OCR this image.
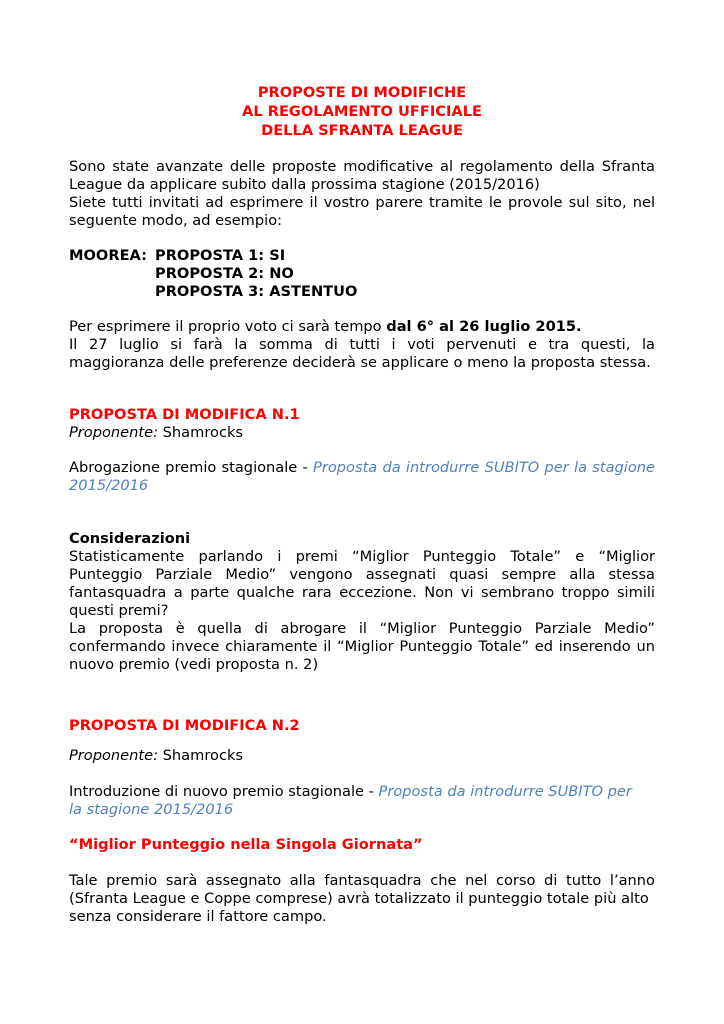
PROPOSTE DI MODIFICHE
AL REGOLAMENTO UFFICIALE
DELLA SFRANTA LEAGUE
Sono state avanzate delle proposte modificative al regolamento della Sfranta
League da applicare subito dalla prossima stagione (2015/2016)
Siete tutti invitati ad esprimere il vostro parere tramite le provole sul sito, nel
seguente modo, ad esempio:
MOOREA: PROPOSTA 1: SI
PROPOSTA 2: NO
PROPOSTA 3: ASTENTUO
Per esprimere il proprio voto ci sarà tempo dal 6° al 26 luglio 2015.
Il 27 luglio si farà la somma di tutti i voti pervenuti e tra questi, la
maggioranza delle preferenze deciderà se applicare o meno la proposta stessa.
PROPOSTA DI MODIFICA N.1
Proponente: Shamrocks
Abrogazione premio stagionale - Proposta da introdurre SUBITO per la stagione
2015/2016
Considerazioni
Statisticamente parlando i premi “Miglior Punteggio Totale” e “Miglior
Punteggio Parziale Medio” vengono assegnati quasi sempre alla stessa
fantasquadra a parte qualche rara eccezione. Non vi sembrano troppo simili
questi premi?
La proposta è quella di abrogare il “Miglior Punteggio Parziale Medio”
confermando invece chiaramente il “Miglior Punteggio Totale” ed inserendo un
nuovo premio (vedi proposta n. 2)
PROPOSTA DI MODIFICA N.2
Proponente: Shamrocks
Introduzione di nuovo premio stagionale - Proposta da introdurre SUBITO per
la stagione 2015/2016
“Miglior Punteggio nella Singola Giornata”
Tale premio sarà assegnato alla fantasquadra che nel corso di tutto l’anno
(Sfranta League e Coppe comprese) avrà totalizzato il punteggio totale più alto
senza considerare il fattore campo.
